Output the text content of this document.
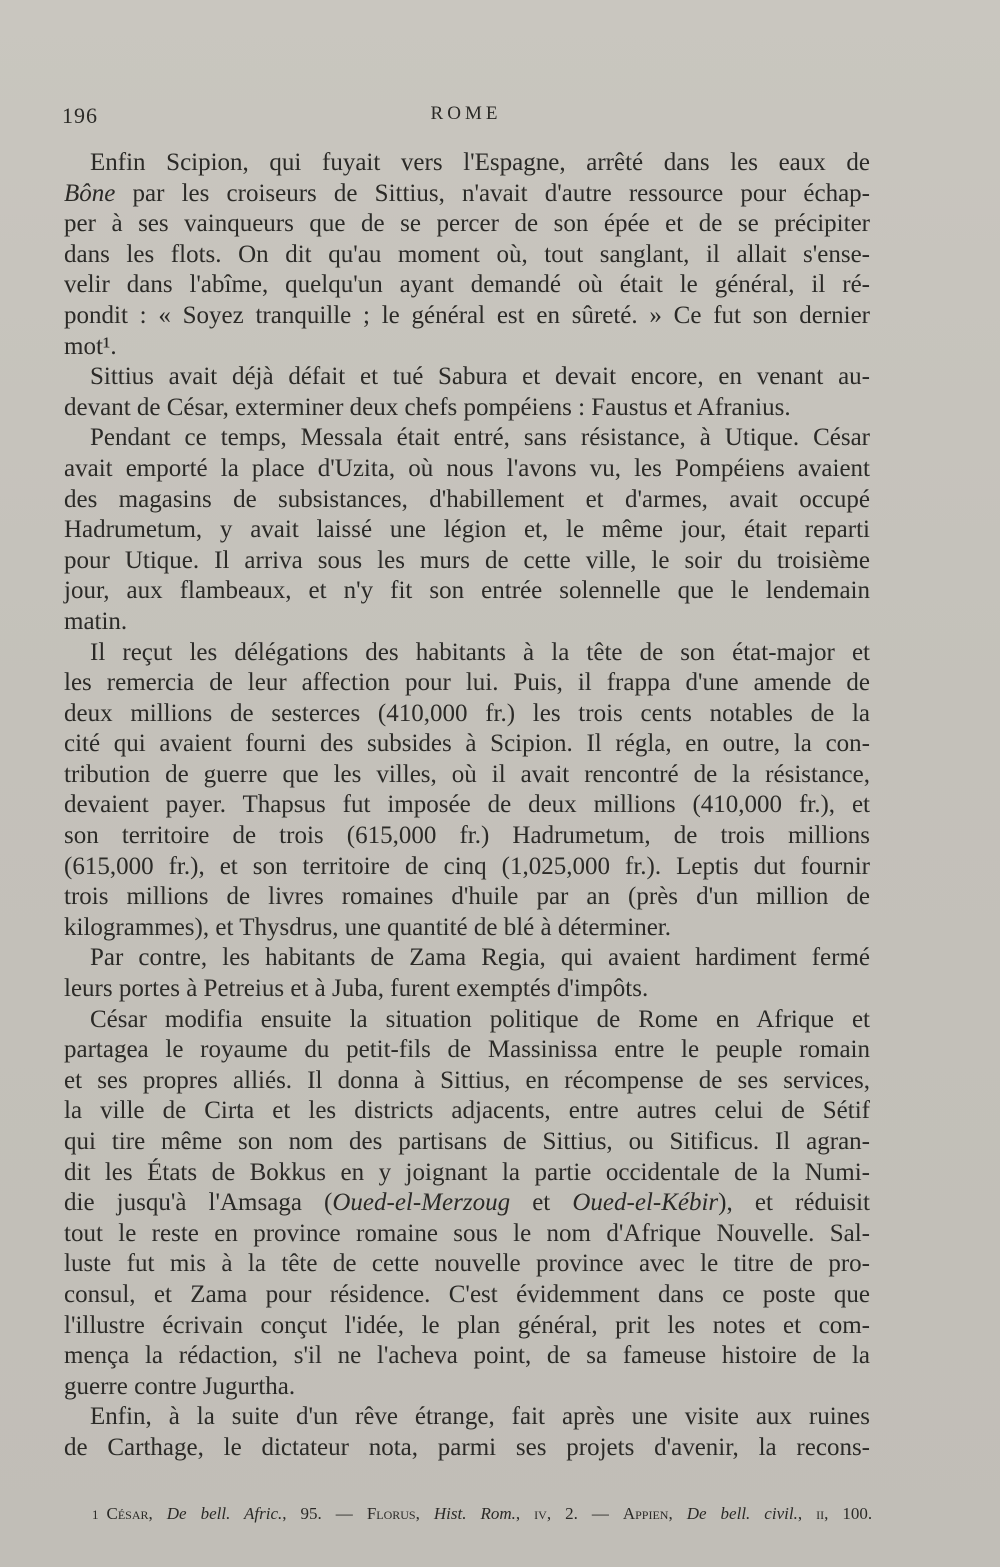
196	ROME
Enfin Scipion, qui fuyait vers l'Espagne, arrêté dans les eaux de
Bône par les croiseurs de Sittius, n'avait d'autre ressource pour échap-
per à ses vainqueurs que de se percer de son épée et de se précipiter
dans les flots. On dit qu'au moment où, tout sanglant, il allait s'ense-
velir dans l'abîme, quelqu'un ayant demandé où était le général, il ré-
pondit : « Soyez tranquille ; le général est en sûreté. » Ce fut son dernier
mot¹.
Sittius avait déjà défait et tué Sabura et devait encore, en venant au-
devant de César, exterminer deux chefs pompéiens : Faustus et Afranius.
Pendant ce temps, Messala était entré, sans résistance, à Utique. César
avait emporté la place d'Uzita, où nous l'avons vu, les Pompéiens avaient
des magasins de subsistances, d'habillement et d'armes, avait occupé
Hadrumetum, y avait laissé une légion et, le même jour, était reparti
pour Utique. Il arriva sous les murs de cette ville, le soir du troisième
jour, aux flambeaux, et n'y fit son entrée solennelle que le lendemain
matin.
Il reçut les délégations des habitants à la tête de son état-major et
les remercia de leur affection pour lui. Puis, il frappa d'une amende de
deux millions de sesterces (410,000 fr.) les trois cents notables de la
cité qui avaient fourni des subsides à Scipion. Il régla, en outre, la con-
tribution de guerre que les villes, où il avait rencontré de la résistance,
devaient payer. Thapsus fut imposée de deux millions (410,000 fr.), et
son territoire de trois (615,000 fr.) Hadrumetum, de trois millions
(615,000 fr.), et son territoire de cinq (1,025,000 fr.). Leptis dut fournir
trois millions de livres romaines d'huile par an (près d'un million de
kilogrammes), et Thysdrus, une quantité de blé à déterminer.
Par contre, les habitants de Zama Regia, qui avaient hardiment fermé
leurs portes à Petreius et à Juba, furent exemptés d'impôts.
César modifia ensuite la situation politique de Rome en Afrique et
partagea le royaume du petit-fils de Massinissa entre le peuple romain
et ses propres alliés. Il donna à Sittius, en récompense de ses services,
la ville de Cirta et les districts adjacents, entre autres celui de Sétif
qui tire même son nom des partisans de Sittius, ou Sitificus. Il agran-
dit les États de Bokkus en y joignant la partie occidentale de la Numi-
die jusqu'à l'Amsaga (Oued-el-Merzoug et Oued-el-Kébir), et réduisit
tout le reste en province romaine sous le nom d'Afrique Nouvelle. Sal-
luste fut mis à la tête de cette nouvelle province avec le titre de pro-
consul, et Zama pour résidence. C'est évidemment dans ce poste que
l'illustre écrivain conçut l'idée, le plan général, prit les notes et com-
mença la rédaction, s'il ne l'acheva point, de sa fameuse histoire de la
guerre contre Jugurtha.
Enfin, à la suite d'un rêve étrange, fait après une visite aux ruines
de Carthage, le dictateur nota, parmi ses projets d'avenir, la recons-
1 César, De bell. Afric., 95. — Florus, Hist. Rom., iv, 2. — Appien, De bell. civil., ii, 100.
